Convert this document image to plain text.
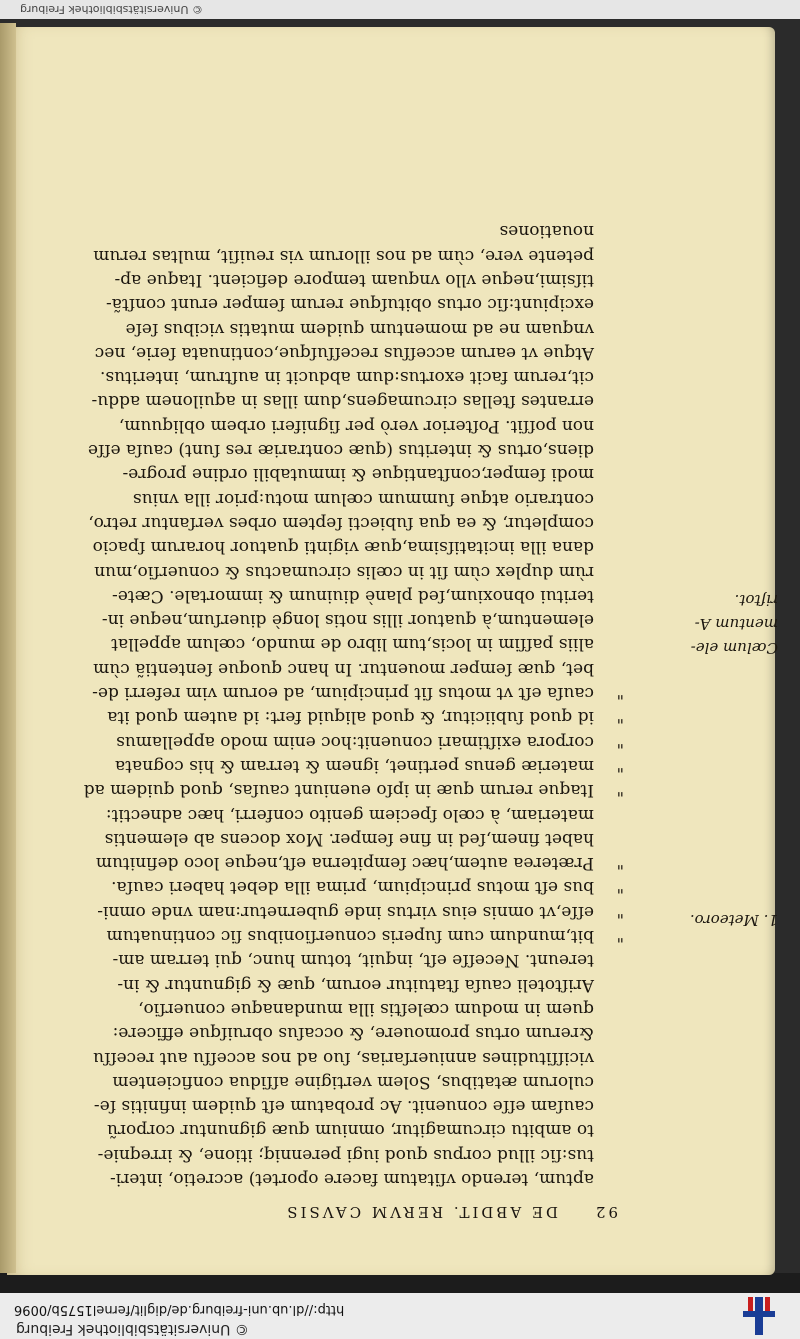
© Universitätsbibliothek Freiburg
http://dl.ub.uni-freiburg.de/diglit/fernel1575b/0096
92
DE ABDIT. RERVM CAVSIS
aptum, terendo vſitatum facere oportet) accretio, interi-
tus:ſic illud corpus quod iugi perenniq; itione, & irreqnie-
to ambitu circumagitur, omnium quæ gignuntur corporũ
cauſam eſſe conuenit. Ac probatum eſt quidem infinitis ſe-
culorum ætatibus, Solem vertigine aſſidua conficientem
viciſſitudines anniuerſarias, ſuo ad nos acceſſu aut receſſu
&rerum ortus promouere, & occaſus obruiſque efficere:
quem in modum cœleſtis illa mundanaque conuerſio,
Ariſtoteli cauſa ſtatuitur eorum, quæ & gignuntur & in-
tereunt. Neceſſe eſt, inquit, totum hunc, qui terram am-
"
bit,mundum cum ſuperis conuerſionibus ſic continuatum
"
eſſe,vt omnis eius virtus inde gubernetur:nam vnde omni-
"
bus eſt motus principium, prima illa debet haberi cauſa.
"
Præterea autem,hæc ſempiterna eſt,neque loco definitum
habet finem,ſed in fine ſemper. Mox docens ab elementis
materiam, à cœlo ſpeciem genito conferri, hæc adnectit:
"
Itaque rerum quæ in ipſo eueniunt cauſas, quod quidem ad
"
materiæ genus pertinet, ignem & terram & his cognata
"
corpora exiſtimari conuenit:hoc enim modo appellamus
"
id quod ſubiicitur, & quod aliquid fert: id autem quod ita
"
cauſa eſt vt motus ſit principium, ad eorum vim referri de-
bet, quæ ſemper mouentur. In hanc quoque ſententiã cùm
aliis paſſim in locis,tum libro de mundo, cœlum appellat
elementum,à quatuor illis notis longè diuerſum,neque in-
teritui obnoxium,ſed planè diuinum & immortale. Cæte-
rùm duplex cùm ſit in cœlis circumactus & conuerſio,mun
dana illa incitatiſsima,quæ viginti quatuor horarum ſpacio
completur, & ea qua ſubiecti ſeptem orbes verſantur retro,
contrario atque ſummum cœlum motu:prior illa vnius
modi ſemper,conſtantique & immutabili ordine progre-
diens,ortus & interitus (quæ contrariæ res ſunt) cauſa eſſe
non poſſit. Poſterior verò per ſigniferi orbem obliquum,
errantes ſtellas circumagens,dum illas in aquilonem addu-
cit,rerum facit exortus:dum abducit in auſtrum, interitus.
Atque vt earum acceſſus receſſuſque,continuata ſerie, nec
vnquam ne ad momentum quidem mutatis vicibus ſeſe
excipiunt:ſic ortus obituſque rerum ſemper erunt conſtã-
tiſsimi,neque vllo vnquam tempore deficient. Itaque ap-
petente vere, cùm ad nos illorum vis reuiſit, multas rerum
nouationes
1. Meteoro.
Cœlum ele-
mentum A-
riſtot.
© Universitätsbibliothek Freiburg
